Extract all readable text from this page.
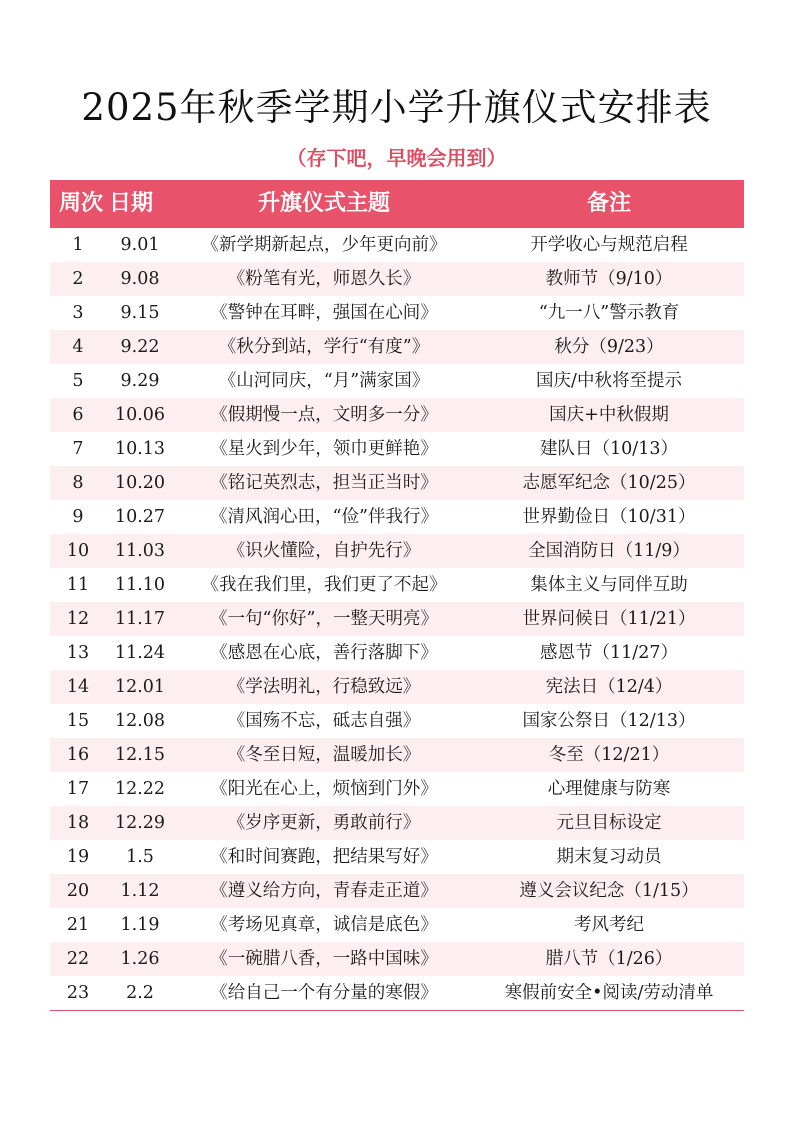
2025年秋季学期小学升旗仪式安排表
（存下吧，早晚会用到）
周次 日期	升旗仪式主题	备注
1	9.01	《新学期新起点，少年更向前》	开学收心与规范启程
2	9.08	《粉笔有光，师恩久长》	教师节（9/10）
3	9.15	《警钟在耳畔，强国在心间》	“九一八”警示教育
4	9.22	《秋分到站，学行“有度”》	秋分（9/23）
5	9.29	《山河同庆，“月”满家国》	国庆/中秋将至提示
6	10.06	《假期慢一点，文明多一分》	国庆+中秋假期
7	10.13	《星火到少年，领巾更鲜艳》	建队日（10/13）
8	10.20	《铭记英烈志，担当正当时》	志愿军纪念（10/25）
9	10.27	《清风润心田，“俭”伴我行》	世界勤俭日（10/31）
10	11.03	《识火懂险，自护先行》	全国消防日（11/9）
11	11.10	《我在我们里，我们更了不起》	集体主义与同伴互助
12	11.17	《一句“你好”，一整天明亮》	世界问候日（11/21）
13	11.24	《感恩在心底，善行落脚下》	感恩节（11/27）
14	12.01	《学法明礼，行稳致远》	宪法日（12/4）
15	12.08	《国殇不忘，砥志自强》	国家公祭日（12/13）
16	12.15	《冬至日短，温暖加长》	冬至（12/21）
17	12.22	《阳光在心上，烦恼到门外》	心理健康与防寒
18	12.29	《岁序更新，勇敢前行》	元旦目标设定
19	1.5	《和时间赛跑，把结果写好》	期末复习动员
20	1.12	《遵义给方向，青春走正道》	遵义会议纪念（1/15）
21	1.19	《考场见真章，诚信是底色》	考风考纪
22	1.26	《一碗腊八香，一路中国味》	腊八节（1/26）
23	2.2	《给自己一个有分量的寒假》	寒假前安全•阅读/劳动清单
